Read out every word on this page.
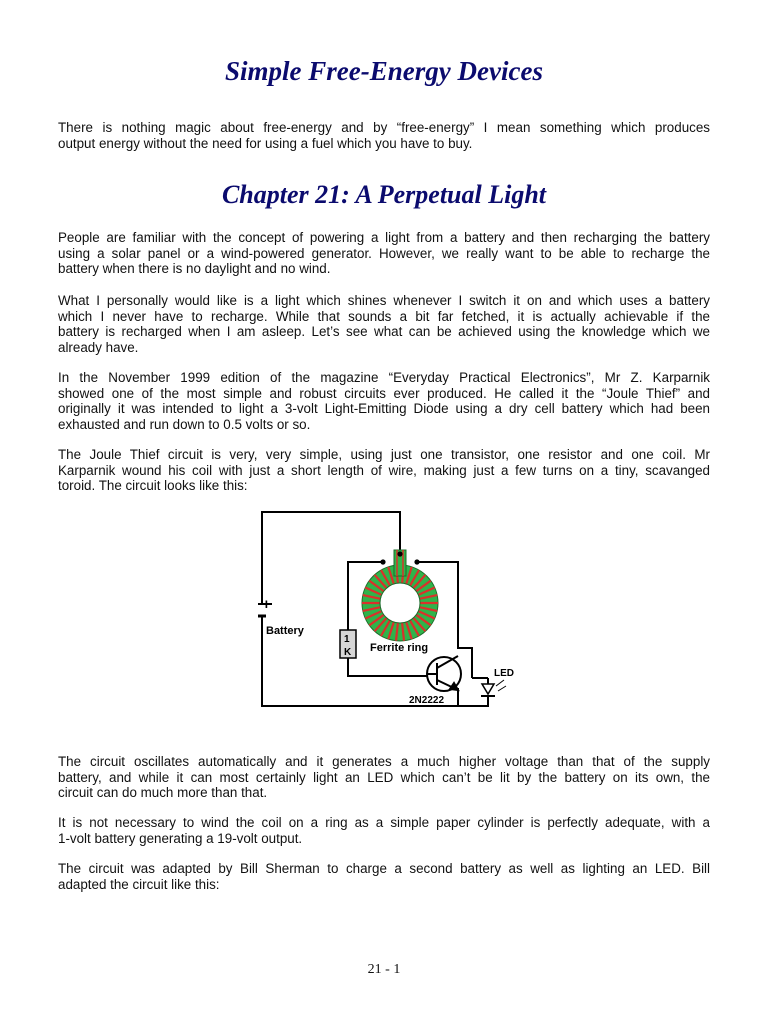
Simple Free-Energy Devices

There is nothing magic about free-energy and by “free-energy” I mean something which produces
output energy without the need for using a fuel which you have to buy.

Chapter 21: A Perpetual Light

People are familiar with the concept of powering a light from a battery and then recharging the battery
using a solar panel or a wind-powered generator. However, we really want to be able to recharge the
battery when there is no daylight and no wind.

What I personally would like is a light which shines whenever I switch it on and which uses a battery
which I never have to recharge. While that sounds a bit far fetched, it is actually achievable if the
battery is recharged when I am asleep. Let’s see what can be achieved using the knowledge which we
already have.

In the November 1999 edition of the magazine “Everyday Practical Electronics”, Mr Z. Karparnik
showed one of the most simple and robust circuits ever produced. He called it the “Joule Thief” and
originally it was intended to light a 3-volt Light-Emitting Diode using a dry cell battery which had been
exhausted and run down to 0.5 volts or so.

The Joule Thief circuit is very, very simple, using just one transistor, one resistor and one coil. Mr
Karparnik wound his coil with just a short length of wire, making just a few turns on a tiny, scavanged
toroid. The circuit looks like this:

+
Battery
Ferrite ring
1
K
2N2222
LED

The circuit oscillates automatically and it generates a much higher voltage than that of the supply
battery, and while it can most certainly light an LED which can’t be lit by the battery on its own, the
circuit can do much more than that.

It is not necessary to wind the coil on a ring as a simple paper cylinder is perfectly adequate, with a
1-volt battery generating a 19-volt output.

The circuit was adapted by Bill Sherman to charge a second battery as well as lighting an LED. Bill
adapted the circuit like this:

21 - 1
